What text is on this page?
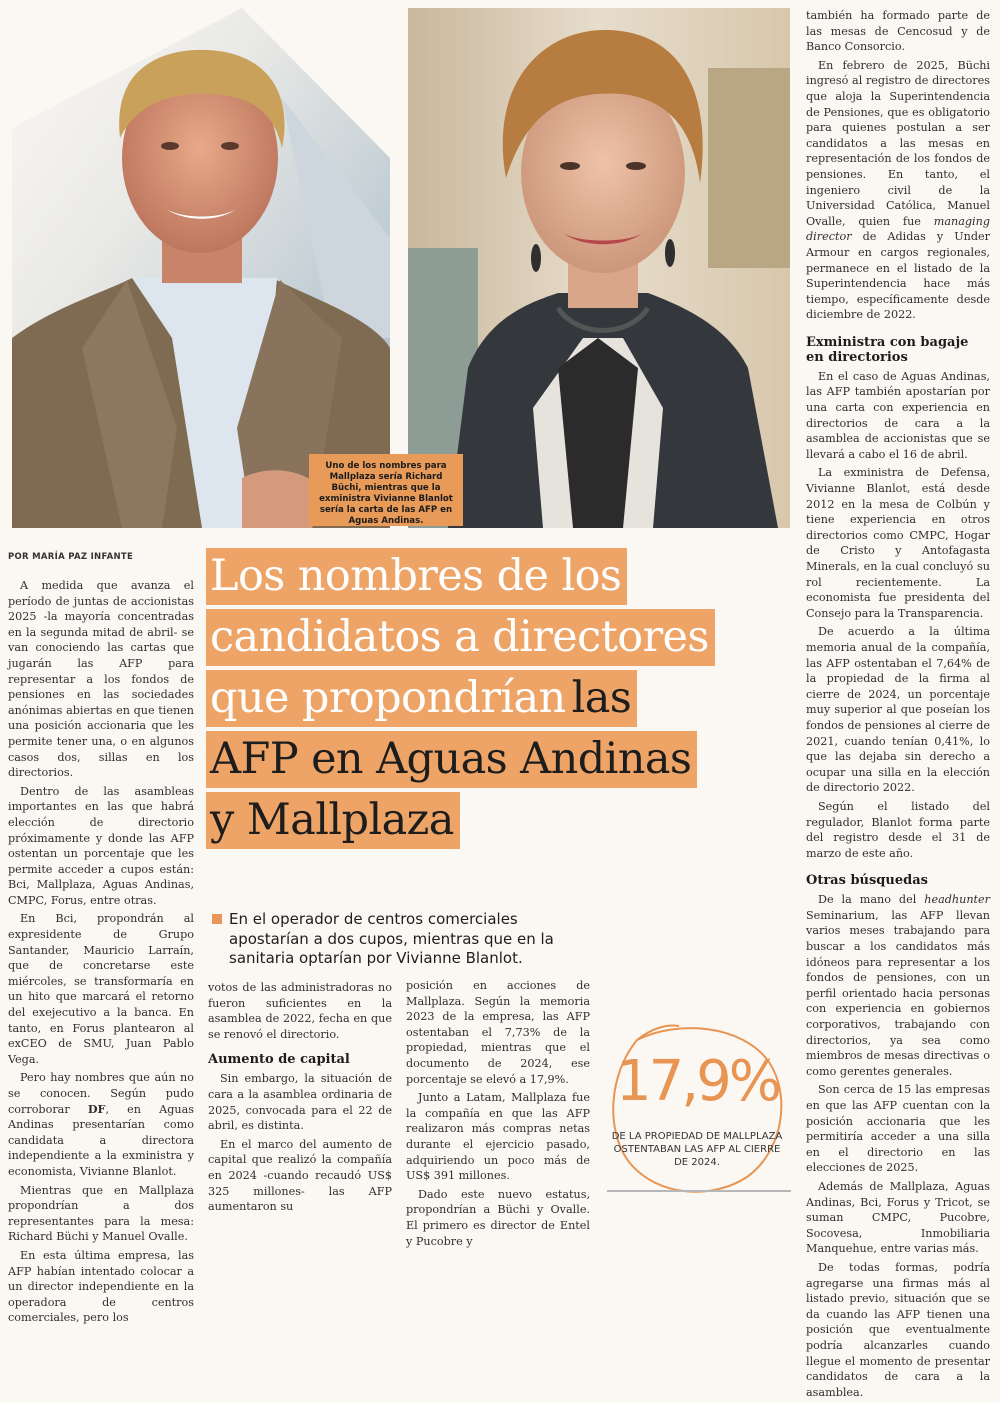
Uno de los nombres para Mallplaza sería Richard Büchi, mientras que la exministra Vivianne Blanlot sería la carta de las AFP en Aguas Andinas.
POR MARÍA PAZ INFANTE Los nombres de los
candidatos a directores
que propondrían las
AFP en Aguas Andinas
y Mallplaza
En el operador de centros comerciales apostarían a dos cupos, mientras que en la sanitaria optarían por Vivianne Blanlot.

A medida que avanza el período de juntas de accionistas 2025 -la mayoría concentradas en la segunda mitad de abril- se van conociendo las cartas que jugarán las AFP para representar a los fondos de pensiones en las sociedades anónimas abiertas en que tienen una posición accionaria que les permite tener una, o en algunos casos dos, sillas en los directorios.

Dentro de las asambleas importantes en las que habrá elección de directorio próximamente y donde las AFP ostentan un porcentaje que les permite acceder a cupos están: Bci, Mallplaza, Aguas Andinas, CMPC, Forus, entre otras.

En Bci, propondrán al expresidente de Grupo Santander, Mauricio Larraín, que de concretarse este miércoles, se transformaría en un hito que marcará el retorno del exejecutivo a la banca. En tanto, en Forus plantearon al exCEO de SMU, Juan Pablo Vega.

Pero hay nombres que aún no se conocen. Según pudo corroborar DF, en Aguas Andinas presentarían como candidata a directora independiente a la exministra y economista, Vivianne Blanlot.

Mientras que en Mallplaza propondrían a dos representantes para la mesa: Richard Büchi y Manuel Ovalle.

En esta última empresa, las AFP habían intentado colocar a un director independiente en la operadora de centros comerciales, pero los

votos de las administradoras no fueron suficientes en la asamblea de 2022, fecha en que se renovó el directorio.

Aumento de capital

Sin embargo, la situación de cara a la asamblea ordinaria de 2025, convocada para el 22 de abril, es distinta.

En el marco del aumento de capital que realizó la compañía en 2024 -cuando recaudó US$ 325 millones- las AFP aumentaron su

posición en acciones de Mallplaza. Según la memoria 2023 de la empresa, las AFP ostentaban el 7,73% de la propiedad, mientras que el documento de 2024, ese porcentaje se elevó a 17,9%.

Junto a Latam, Mallplaza fue la compañía en que las AFP realizaron más compras netas durante el ejercicio pasado, adquiriendo un poco más de US$ 391 millones.

Dado este nuevo estatus, propondrían a Büchi y Ovalle. El primero es director de Entel y Pucobre y

también ha formado parte de las mesas de Cencosud y de Banco Consorcio.

En febrero de 2025, Büchi ingresó al registro de directores que aloja la Superintendencia de Pensiones, que es obligatorio para quienes postulan a ser candidatos a las mesas en representación de los fondos de pensiones. En tanto, el ingeniero civil de la Universidad Católica, Manuel Ovalle, quien fue managing director de Adidas y Under Armour en cargos regionales, permanece en el listado de la Superintendencia hace más tiempo, específicamente desde diciembre de 2022.

Exministra con bagaje en directorios

En el caso de Aguas Andinas, las AFP también apostarían por una carta con experiencia en directorios de cara a la asamblea de accionistas que se llevará a cabo el 16 de abril.

La exministra de Defensa, Vivianne Blanlot, está desde 2012 en la mesa de Colbún y tiene experiencia en otros directorios como CMPC, Hogar de Cristo y Antofagasta Minerals, en la cual concluyó su rol recientemente. La economista fue presidenta del Consejo para la Transparencia.

De acuerdo a la última memoria anual de la compañía, las AFP ostentaban el 7,64% de la propiedad de la firma al cierre de 2024, un porcentaje muy superior al que poseían los fondos de pensiones al cierre de 2021, cuando tenían 0,41%, lo que las dejaba sin derecho a ocupar una silla en la elección de directorio 2022.

Según el listado del regulador, Blanlot forma parte del registro desde el 31 de marzo de este año.

Otras búsquedas

De la mano del headhunter Seminarium, las AFP llevan varios meses trabajando para buscar a los candidatos más idóneos para representar a los fondos de pensiones, con un perfil orientado hacia personas con experiencia en gobiernos corporativos, trabajando con directorios, ya sea como miembros de mesas directivas o como gerentes generales.

Son cerca de 15 las empresas en que las AFP cuentan con la posición accionaria que les permitiría acceder a una silla en el directorio en las elecciones de 2025.

Además de Mallplaza, Aguas Andinas, Bci, Forus y Tricot, se suman CMPC, Pucobre, Socovesa, Inmobiliaria Manquehue, entre varias más.

De todas formas, podría agregarse una firmas más al listado previo, situación que se da cuando las AFP tienen una posición que eventualmente podría alcanzarles cuando llegue el momento de presentar candidatos de cara a la asamblea.

17,9%
DE LA PROPIEDAD DE MALLPLAZA OSTENTABAN LAS AFP AL CIERRE DE 2024.
